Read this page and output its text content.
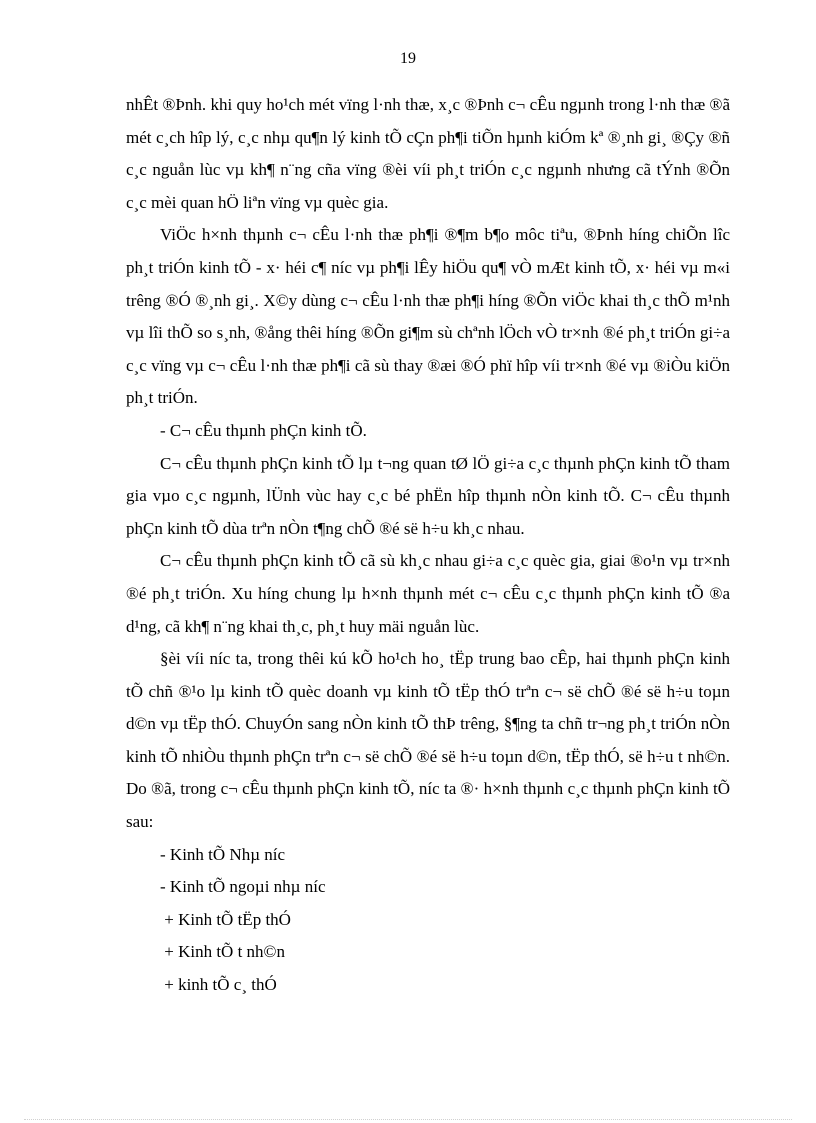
19

nhÊt ®Þnh. khi quy ho¹ch mét vïng l·nh thæ, x¸c ®Þnh c¬ cÊu ngµnh trong l·nh thæ ®ã mét c¸ch hîp lý, c¸c nhµ qu¶n lý kinh tÕ cÇn ph¶i tiÕn hµnh kiÓm kª ®¸nh gi¸ ®Çy ®ñ c¸c nguån lùc vµ kh¶ n¨ng cña vïng ®èi víi ph¸t triÓn c¸c ngµnh nhưng cã tÝnh ®Õn c¸c mèi quan hÖ liªn vïng vµ quèc gia.

ViÖc h×nh thµnh c¬ cÊu l·nh thæ ph¶i ®¶m b¶o môc tiªu, ®Þnh híng chiÕn lîc ph¸t triÓn kinh tÕ - x· héi c¶ níc vµ ph¶i lÊy hiÖu qu¶ vÒ mÆt kinh tÕ, x· héi vµ m«i trêng ®Ó ®¸nh gi¸. X©y dùng c¬ cÊu l·nh thæ ph¶i híng ®Õn viÖc khai th¸c thÕ m¹nh vµ lîi thÕ so s¸nh, ®ång thêi híng ®Õn gi¶m sù chªnh lÖch vÒ tr×nh ®é ph¸t triÓn gi÷a c¸c vïng vµ c¬ cÊu l·nh thæ ph¶i cã sù thay ®æi ®Ó phï hîp víi tr×nh ®é vµ ®iÒu kiÖn ph¸t triÓn.

- C¬ cÊu thµnh phÇn kinh tÕ.

C¬ cÊu thµnh phÇn kinh tÕ lµ t¬ng quan tØ lÖ gi÷a c¸c thµnh phÇn kinh tÕ tham gia vµo c¸c ngµnh, lÜnh vùc hay c¸c bé phËn hîp thµnh nÒn kinh tÕ. C¬ cÊu thµnh phÇn kinh tÕ dùa trªn nÒn t¶ng chÕ ®é së h÷u kh¸c nhau.

C¬ cÊu thµnh phÇn kinh tÕ cã sù kh¸c nhau gi÷a c¸c quèc gia, giai ®o¹n vµ tr×nh ®é ph¸t triÓn. Xu híng chung lµ h×nh thµnh mét c¬ cÊu c¸c thµnh phÇn kinh tÕ ®a d¹ng, cã kh¶ n¨ng khai th¸c, ph¸t huy mäi nguån lùc.

§èi víi níc ta, trong thêi kú kÕ ho¹ch ho¸ tËp trung bao cÊp, hai thµnh phÇn kinh tÕ chñ ®¹o lµ kinh tÕ quèc doanh vµ kinh tÕ tËp thÓ trªn c¬ së chÕ ®é së h÷u toµn d©n vµ tËp thÓ. ChuyÓn sang nÒn kinh tÕ thÞ trêng, §¶ng ta chñ tr¬ng ph¸t triÓn nÒn kinh tÕ nhiÒu thµnh phÇn trªn c¬ së chÕ ®é së h÷u toµn d©n, tËp thÓ, së h÷u t nh©n. Do ®ã, trong c¬ cÊu thµnh phÇn kinh tÕ, níc ta ®· h×nh thµnh c¸c thµnh phÇn kinh tÕ sau:

- Kinh tÕ Nhµ níc

- Kinh tÕ ngoµi nhµ níc

+ Kinh tÕ tËp thÓ

+ Kinh tÕ t nh©n

+ kinh tÕ c¸ thÓ
